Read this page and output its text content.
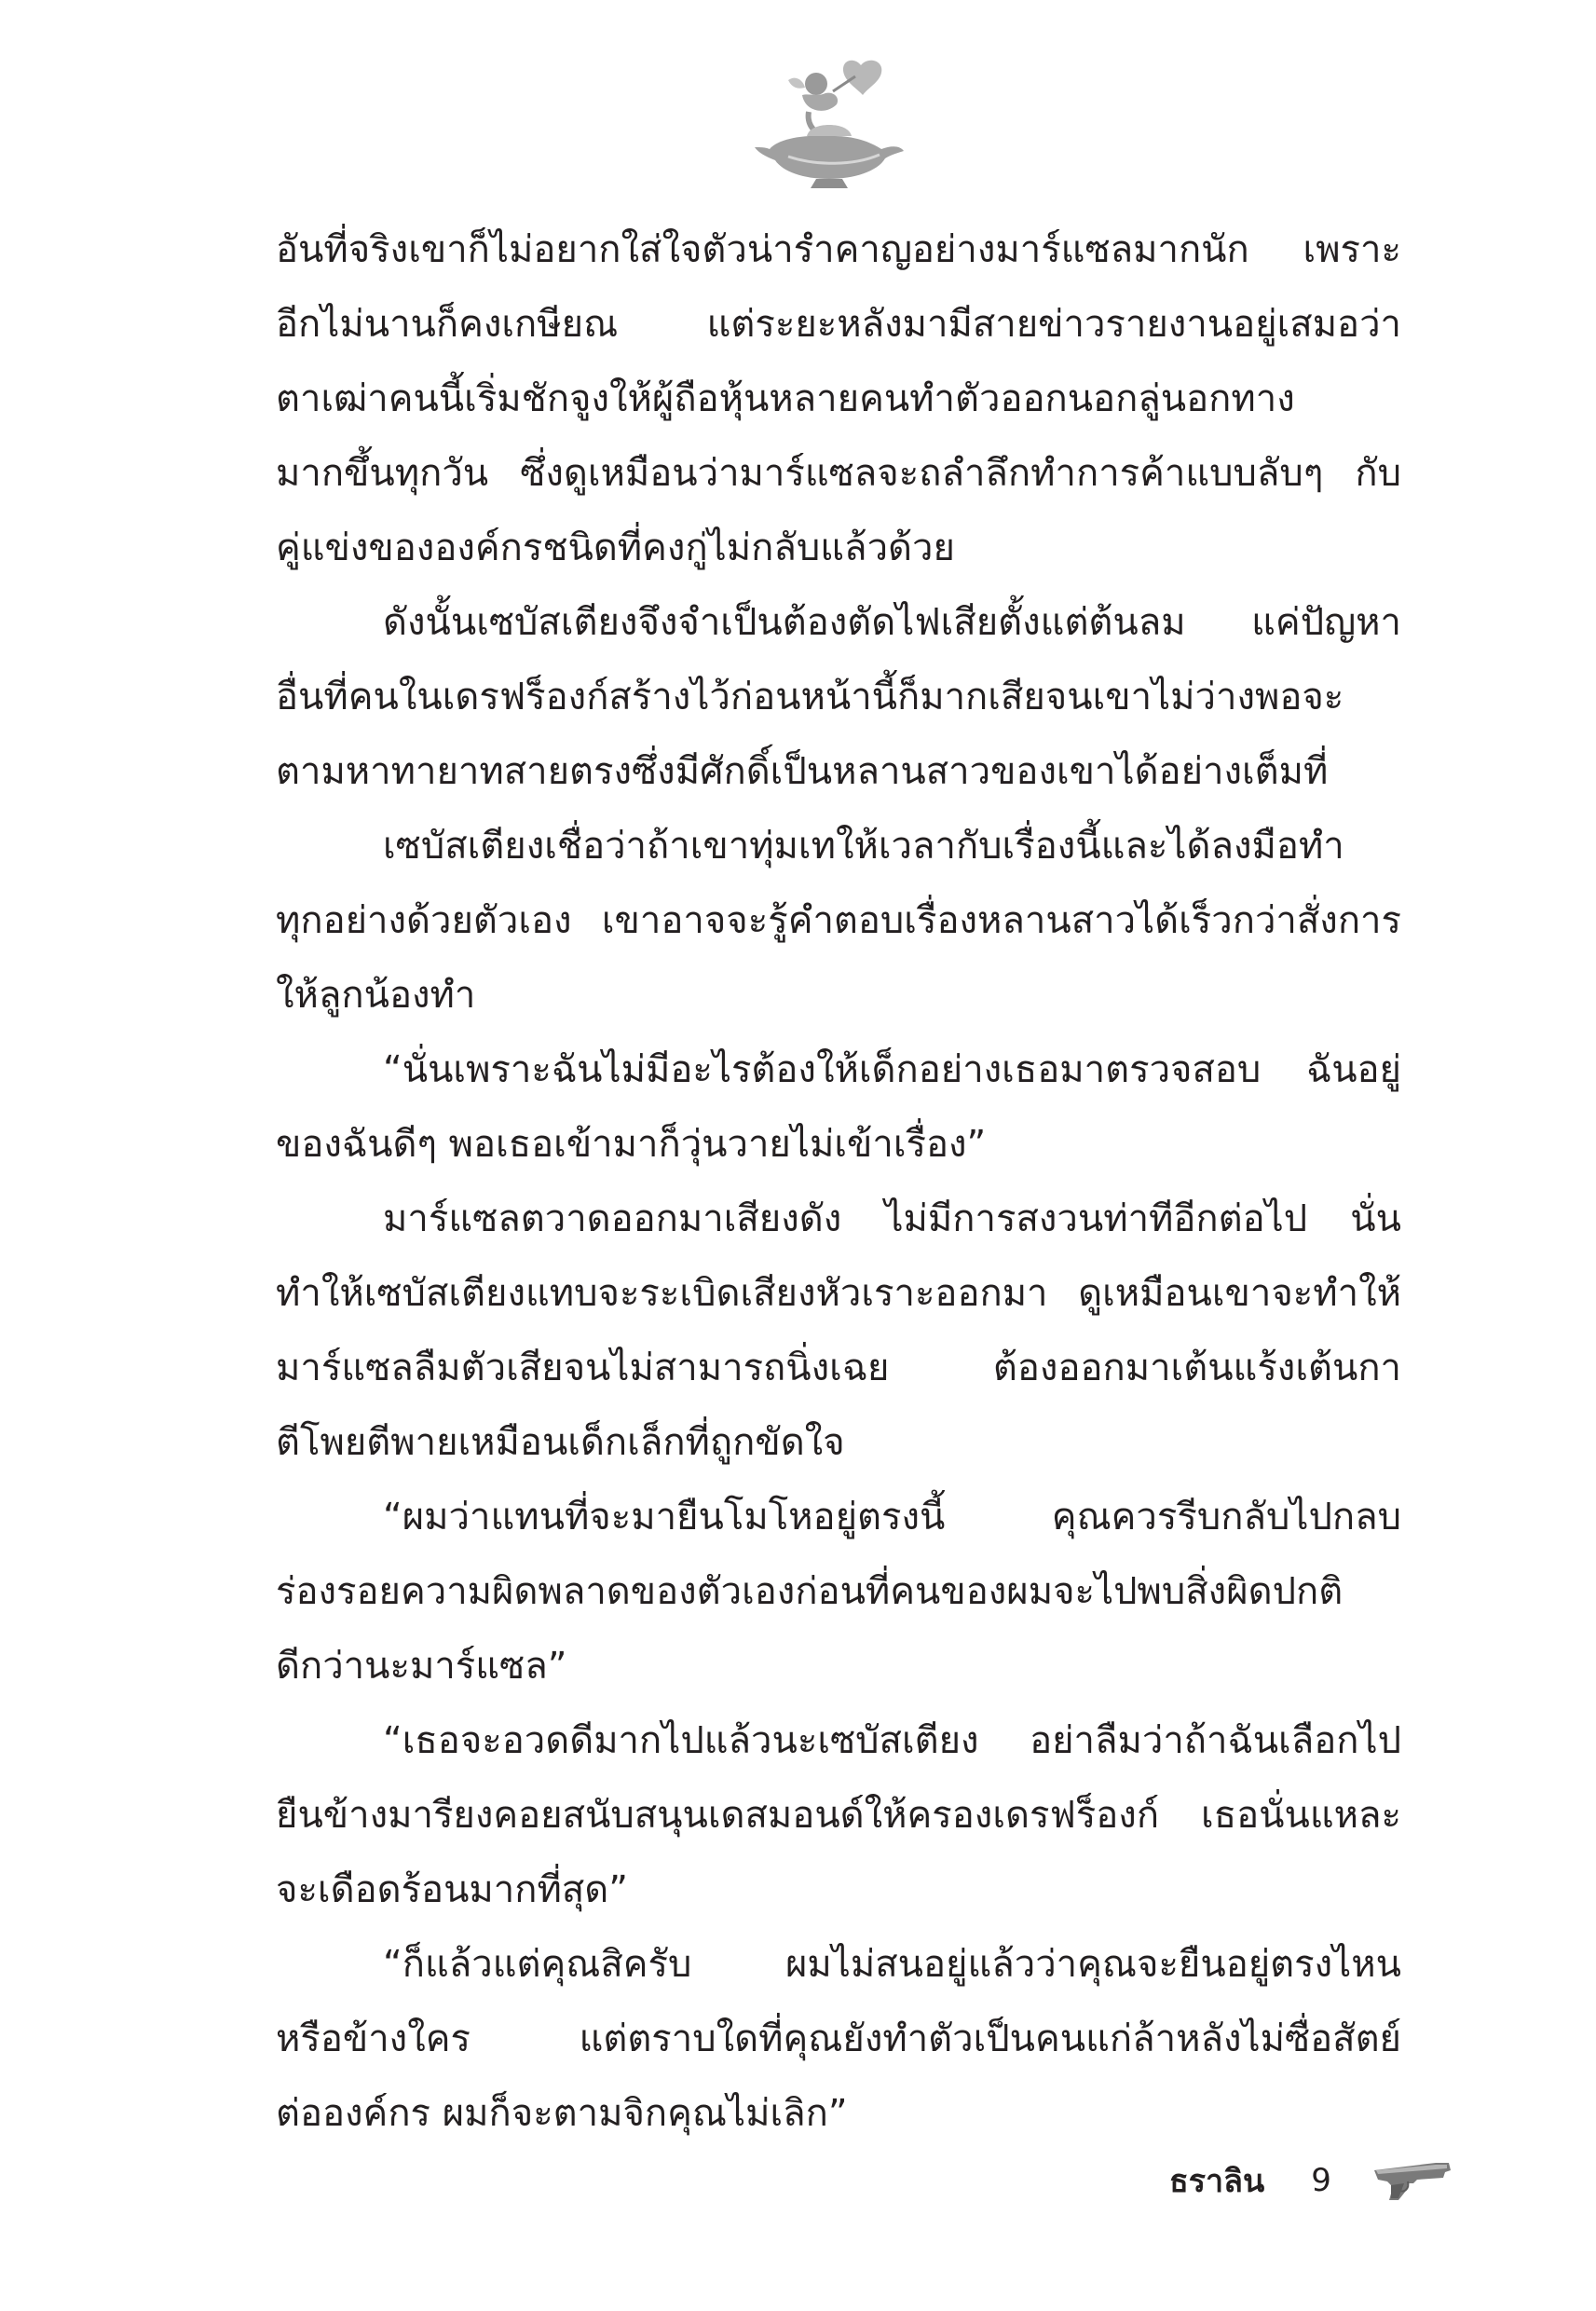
อันที่จริงเขาก็ไม่อยากใส่ใจตัวน่ารำคาญอย่างมาร์แซลมากนัก เพราะ
อีกไม่นานก็คงเกษียณ แต่ระยะหลังมามีสายข่าวรายงานอยู่เสมอว่า
ตาเฒ่าคนนี้เริ่มชักจูงให้ผู้ถือหุ้นหลายคนทำตัวออกนอกลู่นอกทาง
มากขึ้นทุกวัน ซึ่งดูเหมือนว่ามาร์แซลจะถลำลึกทำการค้าแบบลับๆ กับ
คู่แข่งขององค์กรชนิดที่คงกู่ไม่กลับแล้วด้วย
ดังนั้นเซบัสเตียงจึงจำเป็นต้องตัดไฟเสียตั้งแต่ต้นลม แค่ปัญหา
อื่นที่คนในเดรฟร็องก์สร้างไว้ก่อนหน้านี้ก็มากเสียจนเขาไม่ว่างพอจะ
ตามหาทายาทสายตรงซึ่งมีศักดิ์เป็นหลานสาวของเขาได้อย่างเต็มที่
เซบัสเตียงเชื่อว่าถ้าเขาทุ่มเทให้เวลากับเรื่องนี้และได้ลงมือทำ
ทุกอย่างด้วยตัวเอง เขาอาจจะรู้คำตอบเรื่องหลานสาวได้เร็วกว่าสั่งการ
ให้ลูกน้องทำ
“นั่นเพราะฉันไม่มีอะไรต้องให้เด็กอย่างเธอมาตรวจสอบ ฉันอยู่
ของฉันดีๆ พอเธอเข้ามาก็วุ่นวายไม่เข้าเรื่อง”
มาร์แซลตวาดออกมาเสียงดัง ไม่มีการสงวนท่าทีอีกต่อไป นั่น
ทำให้เซบัสเตียงแทบจะระเบิดเสียงหัวเราะออกมา ดูเหมือนเขาจะทำให้
มาร์แซลลืมตัวเสียจนไม่สามารถนิ่งเฉย ต้องออกมาเต้นแร้งเต้นกา
ตีโพยตีพายเหมือนเด็กเล็กที่ถูกขัดใจ
“ผมว่าแทนที่จะมายืนโมโหอยู่ตรงนี้ คุณควรรีบกลับไปกลบ
ร่องรอยความผิดพลาดของตัวเองก่อนที่คนของผมจะไปพบสิ่งผิดปกติ
ดีกว่านะมาร์แซล”
“เธอจะอวดดีมากไปแล้วนะเซบัสเตียง อย่าลืมว่าถ้าฉันเลือกไป
ยืนข้างมารียงคอยสนับสนุนเดสมอนด์ให้ครองเดรฟร็องก์ เธอนั่นแหละ
จะเดือดร้อนมากที่สุด”
“ก็แล้วแต่คุณสิครับ ผมไม่สนอยู่แล้วว่าคุณจะยืนอยู่ตรงไหน
หรือข้างใคร แต่ตราบใดที่คุณยังทำตัวเป็นคนแก่ล้าหลังไม่ซื่อสัตย์
ต่อองค์กร ผมก็จะตามจิกคุณไม่เลิก”
ธราลิน 9
